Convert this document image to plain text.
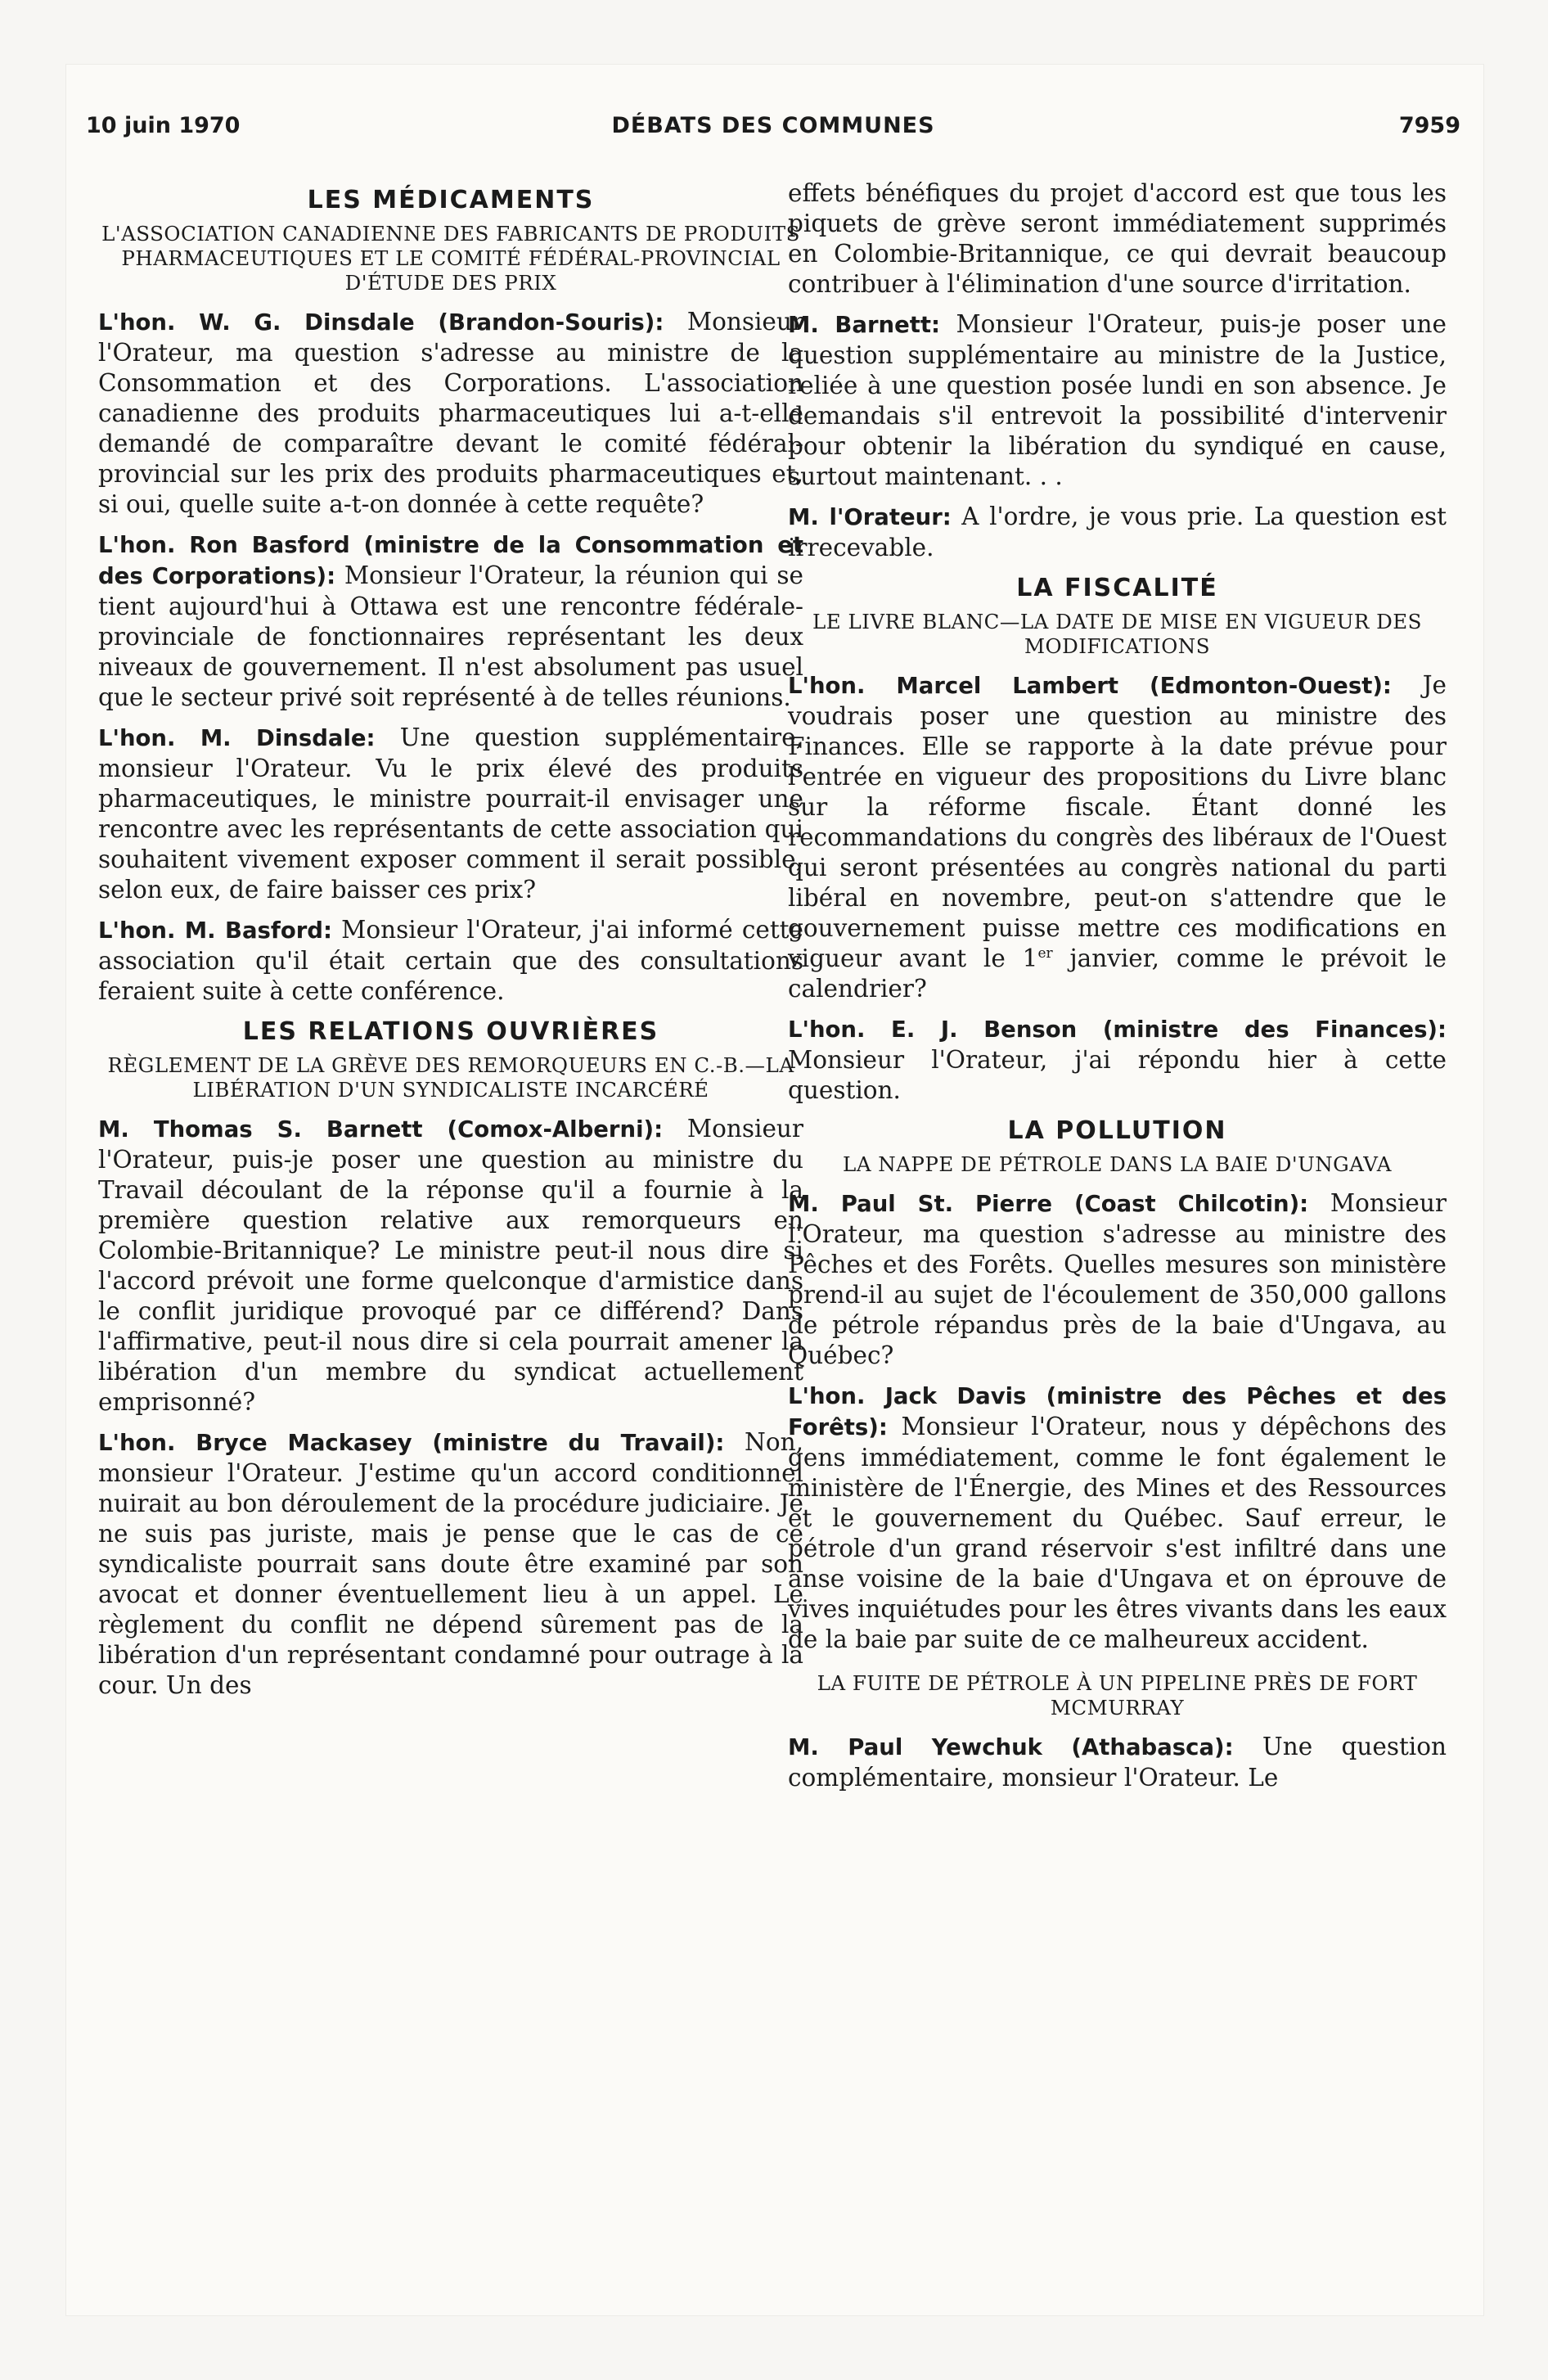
10 juin 1970	DÉBATS DES COMMUNES	7959
LES MÉDICAMENTS
L'ASSOCIATION CANADIENNE DES FABRICANTS DE PRODUITS PHARMACEUTIQUES ET LE COMITÉ FÉDÉRAL-PROVINCIAL D'ÉTUDE DES PRIX

L'hon. W. G. Dinsdale (Brandon-Souris): Monsieur l'Orateur, ma question s'adresse au ministre de la Consommation et des Corporations. L'association canadienne des produits pharmaceutiques lui a-t-elle demandé de comparaître devant le comité fédéral-provincial sur les prix des produits pharmaceutiques et, si oui, quelle suite a-t-on donnée à cette requête?

L'hon. Ron Basford (ministre de la Consommation et des Corporations): Monsieur l'Orateur, la réunion qui se tient aujourd'hui à Ottawa est une rencontre fédérale-provinciale de fonctionnaires représentant les deux niveaux de gouvernement. Il n'est absolument pas usuel que le secteur privé soit représenté à de telles réunions.

L'hon. M. Dinsdale: Une question supplémentaire, monsieur l'Orateur. Vu le prix élevé des produits pharmaceutiques, le ministre pourrait-il envisager une rencontre avec les représentants de cette association qui souhaitent vivement exposer comment il serait possible, selon eux, de faire baisser ces prix?

L'hon. M. Basford: Monsieur l'Orateur, j'ai informé cette association qu'il était certain que des consultations feraient suite à cette conférence.

LES RELATIONS OUVRIÈRES
RÈGLEMENT DE LA GRÈVE DES REMORQUEURS EN C.-B.—LA LIBÉRATION D'UN SYNDICALISTE INCARCÉRÉ

M. Thomas S. Barnett (Comox-Alberni): Monsieur l'Orateur, puis-je poser une question au ministre du Travail découlant de la réponse qu'il a fournie à la première question relative aux remorqueurs en Colombie-Britannique? Le ministre peut-il nous dire si l'accord prévoit une forme quelconque d'armistice dans le conflit juridique provoqué par ce différend? Dans l'affirmative, peut-il nous dire si cela pourrait amener la libération d'un membre du syndicat actuellement emprisonné?

L'hon. Bryce Mackasey (ministre du Travail): Non, monsieur l'Orateur. J'estime qu'un accord conditionnel nuirait au bon déroulement de la procédure judiciaire. Je ne suis pas juriste, mais je pense que le cas de ce syndicaliste pourrait sans doute être examiné par son avocat et donner éventuellement lieu à un appel. Le règlement du conflit ne dépend sûrement pas de la libération d'un représentant condamné pour outrage à la cour. Un des

effets bénéfiques du projet d'accord est que tous les piquets de grève seront immédiatement supprimés en Colombie-Britannique, ce qui devrait beaucoup contribuer à l'élimination d'une source d'irritation.

M. Barnett: Monsieur l'Orateur, puis-je poser une question supplémentaire au ministre de la Justice, reliée à une question posée lundi en son absence. Je demandais s'il entrevoit la possibilité d'intervenir pour obtenir la libération du syndiqué en cause, surtout maintenant. . .

M. l'Orateur: A l'ordre, je vous prie. La question est irrecevable.

LA FISCALITÉ
LE LIVRE BLANC—LA DATE DE MISE EN VIGUEUR DES MODIFICATIONS

L'hon. Marcel Lambert (Edmonton-Ouest): Je voudrais poser une question au ministre des Finances. Elle se rapporte à la date prévue pour l'entrée en vigueur des propositions du Livre blanc sur la réforme fiscale. Étant donné les recommandations du congrès des libéraux de l'Ouest qui seront présentées au congrès national du parti libéral en novembre, peut-on s'attendre que le gouvernement puisse mettre ces modifications en vigueur avant le 1er janvier, comme le prévoit le calendrier?

L'hon. E. J. Benson (ministre des Finances): Monsieur l'Orateur, j'ai répondu hier à cette question.

LA POLLUTION
LA NAPPE DE PÉTROLE DANS LA BAIE D'UNGAVA

M. Paul St. Pierre (Coast Chilcotin): Monsieur l'Orateur, ma question s'adresse au ministre des Pêches et des Forêts. Quelles mesures son ministère prend-il au sujet de l'écoulement de 350,000 gallons de pétrole répandus près de la baie d'Ungava, au Québec?

L'hon. Jack Davis (ministre des Pêches et des Forêts): Monsieur l'Orateur, nous y dépêchons des gens immédiatement, comme le font également le ministère de l'Énergie, des Mines et des Ressources et le gouvernement du Québec. Sauf erreur, le pétrole d'un grand réservoir s'est infiltré dans une anse voisine de la baie d'Ungava et on éprouve de vives inquiétudes pour les êtres vivants dans les eaux de la baie par suite de ce malheureux accident.

LA FUITE DE PÉTROLE À UN PIPELINE PRÈS DE FORT MCMURRAY

M. Paul Yewchuk (Athabasca): Une question complémentaire, monsieur l'Orateur. Le
